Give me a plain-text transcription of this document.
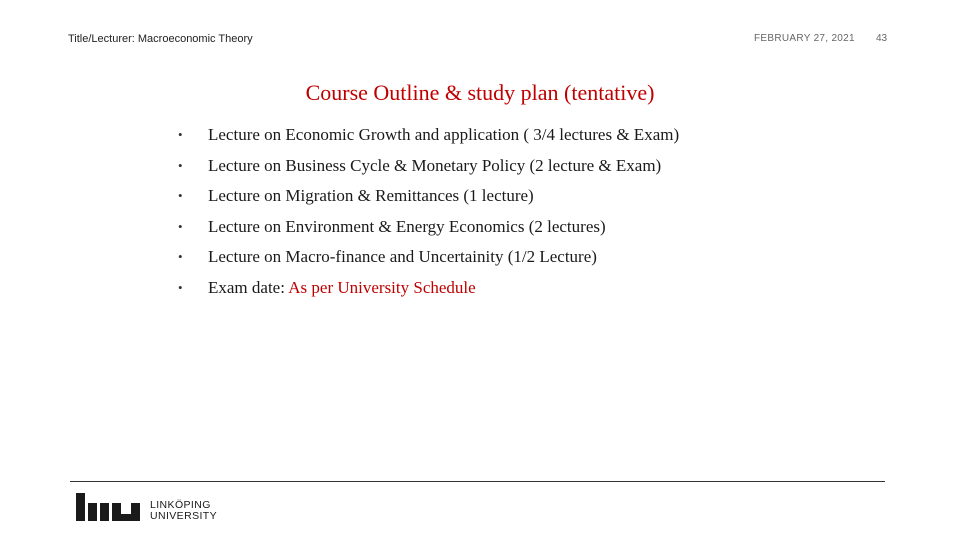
Title/Lecturer: Macroeconomic Theory	FEBRUARY 27, 2021 43
Course Outline & study plan (tentative)
• Lecture on Economic Growth and application ( 3/4 lectures & Exam)
• Lecture on Business Cycle & Monetary Policy (2 lecture & Exam)
• Lecture on Migration & Remittances (1 lecture)
• Lecture on Environment & Energy Economics (2 lectures)
• Lecture on Macro-finance and Uncertainity (1/2 Lecture)
• Exam date: As per University Schedule
LINKÖPING
UNIVERSITY
